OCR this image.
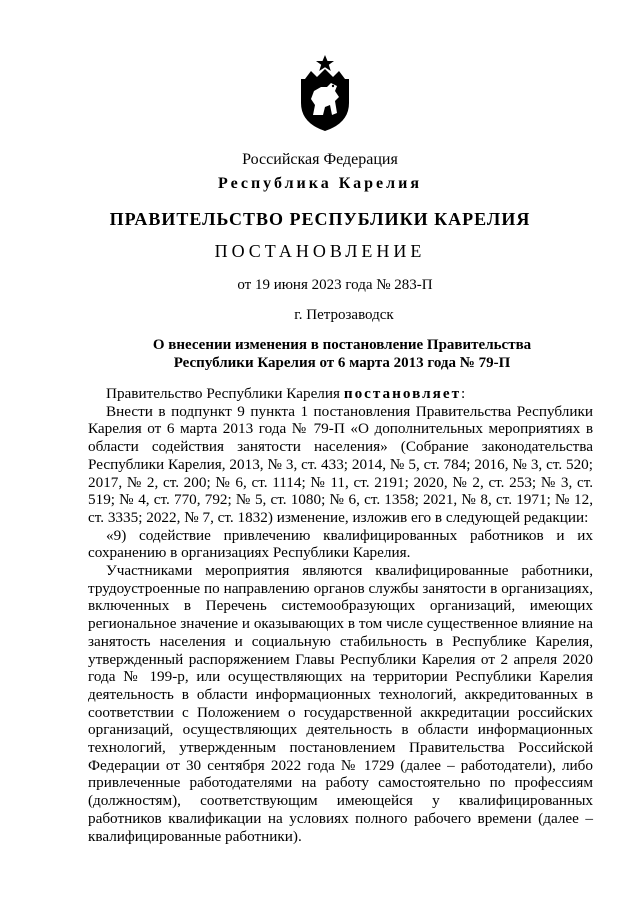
Российская Федерация
Республика Карелия
ПРАВИТЕЛЬСТВО РЕСПУБЛИКИ КАРЕЛИЯ
ПОСТАНОВЛЕНИЕ
от 19 июня 2023 года № 283-П
г. Петрозаводск
О внесении изменения в постановление Правительства
Республики Карелия от 6 марта 2013 года № 79-П

Правительство Республики Карелия постановляет:

Внести в подпункт 9 пункта 1 постановления Правительства Республики Карелия от 6 марта 2013 года № 79-П «О дополнительных мероприятиях в области содействия занятости населения» (Собрание законодательства Республики Карелия, 2013, № 3, ст. 433; 2014, № 5, ст. 784; 2016, № 3, ст. 520; 2017, № 2, ст. 200; № 6, ст. 1114; № 11, ст. 2191; 2020, № 2, ст. 253; № 3, ст. 519; № 4, ст. 770, 792; № 5, ст. 1080; № 6, ст. 1358; 2021, № 8, ст. 1971; № 12, ст. 3335; 2022, № 7, ст. 1832) изменение, изложив его в следующей редакции:

«9) содействие привлечению квалифицированных работников и их сохранению в организациях Республики Карелия.

Участниками мероприятия являются квалифицированные работники, трудоустроенные по направлению органов службы занятости в организациях, включенных в Перечень системообразующих организаций, имеющих региональное значение и оказывающих в том числе существенное влияние на занятость населения и социальную стабильность в Республике Карелия, утвержденный распоряжением Главы Республики Карелия от 2 апреля 2020 года № 199-р, или осуществляющих на территории Республики Карелия деятельность в области информационных технологий, аккредитованных в соответствии с Положением о государственной аккредитации российских организаций, осуществляющих деятельность в области информационных технологий, утвержденным постановлением Правительства Российской Федерации от 30 сентября 2022 года № 1729 (далее – работодатели), либо привлеченные работодателями на работу самостоятельно по профессиям (должностям), соответствующим имеющейся у квалифицированных работников квалификации на условиях полного рабочего времени (далее – квалифицированные работники).
